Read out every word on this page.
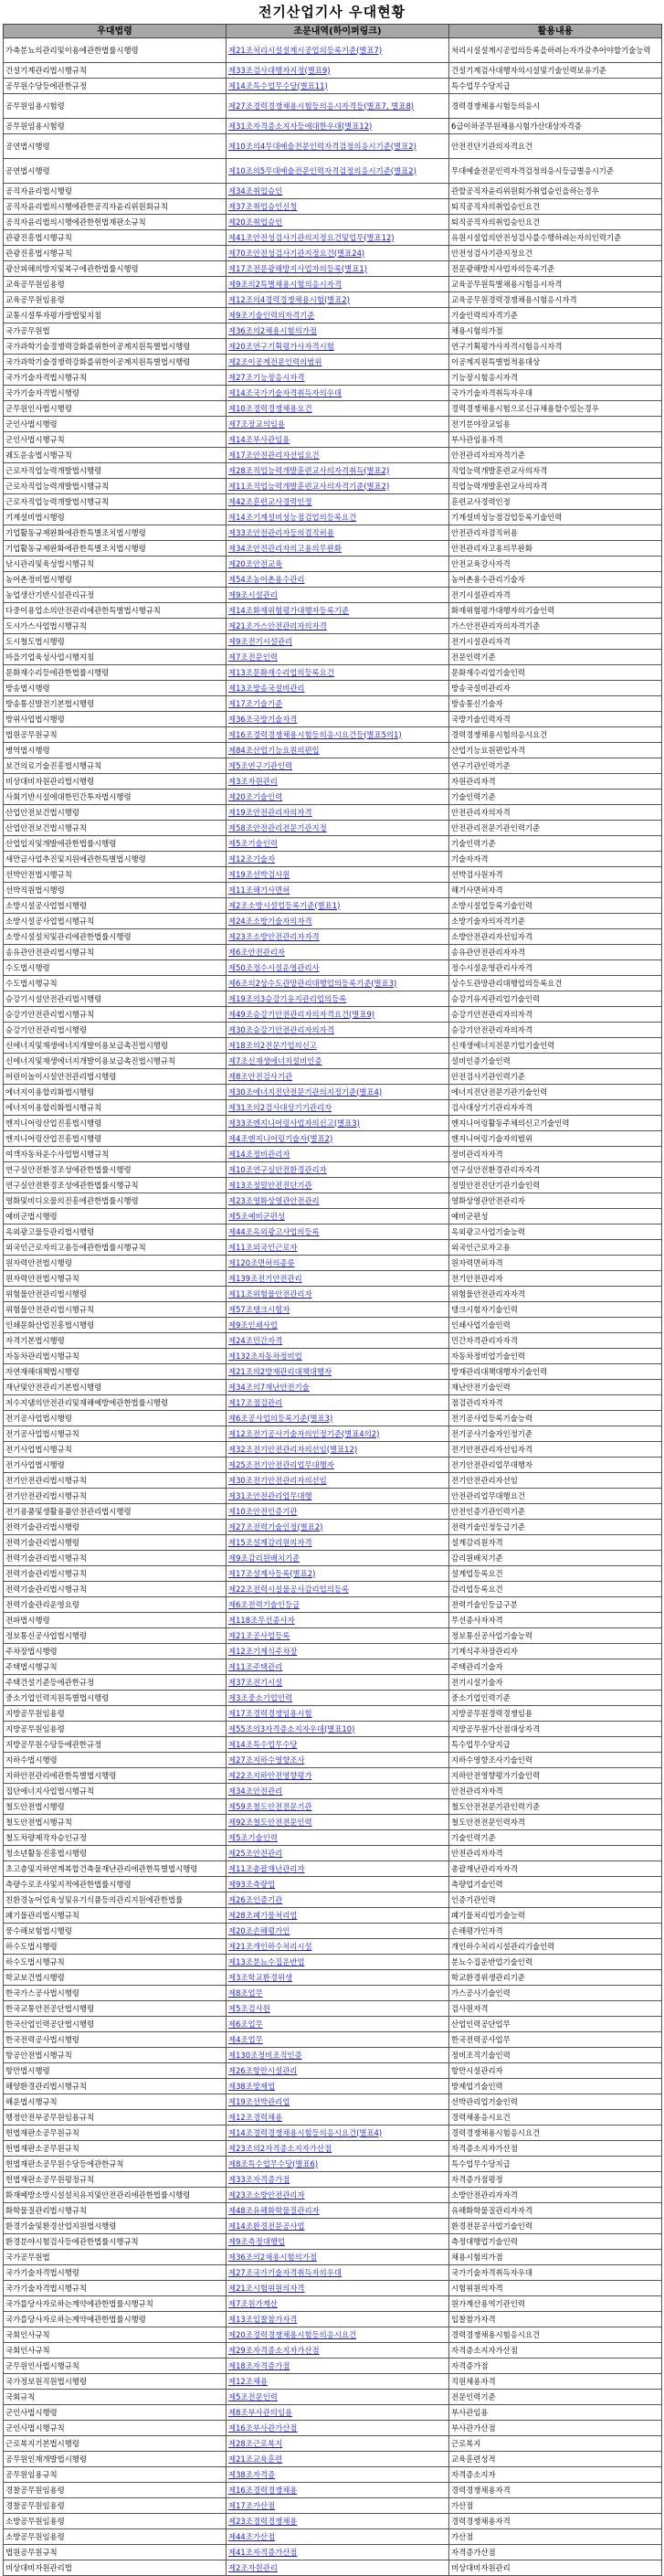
전기산업기사 우대현황
우대법령	조문내역(하이퍼링크)	활용내용
가축분뇨의관리및이용에관한법률시행령	제21조처리시설설계시공업의등록기준(별표7)	처리시설설계시공업의등록을하려는자가갖추어야할기술능력
건설기계관리법시행규칙	제33조검사대행자지정(별표9)	건설기계검사대행자의시설및기술인력보유기준
공무원수당등에관한규정	제14조특수업무수당(별표11)	특수업무수당지급
공무원임용시험령	제27조경력경쟁채용시험등의응시자격등(별표7, 별표8)	경력경쟁채용시험등의응시
공무원임용시험령	제31조자격증소지자등에대한우대(별표12)	6급이하공무원채용시험가산대상자격증
공연법시행령	제10조의4무대예술전문인력자격검정의응시기준(별표2)	안전진단기관의자격요건
공연법시행령	제10조의5무대예술전문인력자격검정의응시기준(별표2)	무대예술전문인력자격검정의응시등급별응시기준
공직자윤리법시행령	제34조취업승인	관할공직자윤리위원회가취업승인을하는경우
공직자윤리법의시행에관한공직자윤리위원회규칙	제37조취업승인신청	퇴직공직자의취업승인요건
공직자윤리법의시행에관한헌법재판소규칙	제20조취업승인	퇴직공직자의취업승인요건
관광진흥법시행규칙	제41조안전성검사기관의지정요건및업무(별표12)	유원시설업의안전성검사를수행하려는자의인력기준
관광진흥법시행규칙	제70조안전성검사기관지정요건(별표24)	안전성검사기관지정요건
광산피해의방지및복구에관한법률시행령	제17조전문광해방지사업자의등록(별표1)	전문광해방지사업자의등록기준
교육공무원임용령	제9조의2특별채용시험의응시자격	교육공무원특별채용시험응시자격
교육공무원임용령	제12조의4경력경쟁채용시험(별표2)	교육공무원경력경쟁채용시험응시자격
교통시설투자평가방법및지침	제9조기술인력의자격기준	기술인력의자격기준
국가공무원법	제36조의2채용시험의가점	채용시험의가점
국가과학기술경쟁력강화를위한이공계지원특별법시행령	제20조연구기획평가사자격시험	연구기획평가사자격시험응시자격
국가과학기술경쟁력강화를위한이공계지원특별법시행령	제2조이공계전문인력의범위	이공계지원특별법적용대상
국가기술자격법시행규칙	제27조기능장응시자격	기능장시험응시자격
국가기술자격법시행령	제14조국가기술자격취득자의우대	국가기술자격취득자우대
군무원인사법시행령	제10조경력경쟁채용요건	경력경쟁채용시험으로신규채용할수있는경우
군인사법시행령	제7조장교의임용	전기분야장교임용
군인사법시행규칙	제14조부사관임용	부사관임용자격
궤도운송법시행규칙	제17조안전관리자선임요건	안전관리자의자격기준
근로자직업능력개발법시행령	제28조직업능력개발훈련교사의자격취득(별표2)	직업능력개발훈련교사의자격
근로자직업능력개발법시행규칙	제11조직업능력개발훈련교사의자격기준(별표2)	직업능력개발훈련교사의자격
근로자직업능력개발법시행규칙	제42조훈련교사경력인정	훈련교사경력인정
기계설비법시행령	제14조기계설비성능점검업의등록요건	기계설비성능점검업등록기술인력
기업활동규제완화에관한특별조치법시행령	제33조안전관리자등의겸직허용	안전관리자겸직허용
기업활동규제완화에관한특별조치법시행령	제34조안전관리자의고용의무완화	안전관리자고용의무완화
낚시관리및육성법시행규칙	제20조안전교육	안전교육강사자격
농어촌정비법시행령	제54조농어촌용수관리	농어촌용수관리기술자
농업생산기반시설관리규정	제9조시설관리	전기시설관리자격
다중이용업소의안전관리에관한특별법시행규칙	제14조화재위험평가대행자등록기준	화재위험평가대행자의기술인력
도시가스사업법시행규칙	제21조가스안전관리자의자격	가스안전관리자의자격기준
도시철도법시행령	제9조전기시설관리	전기시설관리자격
마을기업육성사업시행지침	제7조전문인력	전문인력기준
문화재수리등에관한법률시행령	제13조문화재수리업의등록요건	문화재수리업기술인력
방송법시행령	제13조방송국설비관리	방송국설비관리자
방송통신발전기본법시행령	제17조기술기준	방송통신기술자
방위사업법시행령	제36조국방기술자격	국방기술인력자격
법원공무원규칙	제16조경력경쟁채용시험등의응시요건등(별표5의1)	경력경쟁채용시험의응시요건
병역법시행령	제84조산업기능요원의편입	산업기능요원편입자격
보건의료기술진흥법시행규칙	제5조연구기관인력	연구기관인력기준
비상대비자원관리법시행령	제3조자원관리	자원관리자격
사회기반시설에대한민간투자법시행령	제20조기술인력	기술인력기준
산업안전보건법시행령	제19조안전관리자의자격	안전관리자의자격
산업안전보건법시행규칙	제58조안전관리전문기관지정	안전관리전문기관인력기준
산업입지및개발에관한법률시행령	제5조기술인력	기술인력기준
새만금사업추진및지원에관한특별법시행령	제12조기술자	기술자자격
선박안전법시행규칙	제19조선박검사원	선박검사원자격
선박직원법시행령	제11조해기사면허	해기사면허자격
소방시설공사업법시행령	제2조소방시설업등록기준(별표1)	소방시설업등록기술인력
소방시설공사업법시행규칙	제24조소방기술자의자격	소방기술자의자격기준
소방시설설치및관리에관한법률시행령	제23조소방안전관리자자격	소방안전관리자선임자격
송유관안전관리법시행규칙	제6조안전관리자	송유관안전관리자자격
수도법시행령	제50조정수시설운영관리사	정수시설운영관리사자격
수도법시행규칙	제6조의2상수도관망관리대행업의등록기준(별표3)	상수도관망관리대행업의등록요건
승강기시설안전관리법시행령	제19조의3승강기유지관리업의등록	승강기유지관리업기술인력
승강기안전관리법시행규칙	제49조승강기안전관리자의자격요건(별표9)	승강기안전관리자의자격
승강기안전관리법시행령	제30조승강기안전관리자의자격	승강기안전관리자의자격
신에너지및재생에너지개발이용보급촉진법시행령	제18조의2전문기업의신고	신재생에너지전문기업기술인력
신에너지및재생에너지개발이용보급촉진법시행규칙	제7조신재생에너지설비인증	설비인증기술인력
어린이놀이시설안전관리법시행령	제8조안전검사기관	안전검사기관인력기준
에너지이용합리화법시행령	제30조에너지진단전문기관의지정기준(별표4)	에너지진단전문기관기술인력
에너지이용합리화법시행규칙	제31조의2검사대상기기관리자	검사대상기기관리자자격
엔지니어링산업진흥법시행령	제33조엔지니어링사업자의신고(별표3)	엔지니어링활동주체의신고기술인력
엔지니어링산업진흥법시행령	제4조엔지니어링기술자(별표2)	엔지니어링기술자의범위
여객자동차운수사업법시행규칙	제14조정비관리자	정비관리자자격
연구실안전환경조성에관한법률시행령	제10조연구실안전환경관리자	연구실안전환경관리자자격
연구실안전환경조성에관한법률시행규칙	제13조정밀안전진단기관	정밀안전진단기관기술인력
영화및비디오물의진흥에관한법률시행령	제23조영화상영관안전관리	영화상영관안전관리자
예비군법시행령	제5조예비군편성	예비군편성
옥외광고물등관리법시행령	제44조옥외광고사업의등록	옥외광고사업기술능력
외국인근로자의고용등에관한법률시행규칙	제11조외국인근로자	외국인근로자고용
원자력안전법시행령	제120조면허의종류	원자력면허자격
원자력안전법시행규칙	제139조전기안전관리	전기안전관리자
위험물안전관리법시행령	제11조위험물안전관리자	위험물안전관리자자격
위험물안전관리법시행규칙	제57조탱크시험자	탱크시험자기술인력
인쇄문화산업진흥법시행령	제9조인쇄사업	인쇄사업기술인력
자격기본법시행령	제24조민간자격	민간자격관리자자격
자동차관리법시행규칙	제132조자동차정비업	자동차정비업기술인력
자연재해대책법시행령	제21조의2방재관리대책대행자	방재관리대책대행자기술인력
재난및안전관리기본법시행령	제34조의7재난안전기술	재난안전기술인력
저수지댐의안전관리및재해예방에관한법률시행령	제17조점검관리	점검관리자자격
전기공사업법시행령	제6조공사업의등록기준(별표3)	전기공사업등록기술능력
전기공사업법시행규칙	제12조전기공사기술자의인정기준(별표4의2)	전기공사기술자인정기준
전기사업법시행규칙	제32조전기안전관리자의선임(별표12)	전기안전관리자선임자격
전기사업법시행령	제25조전기안전관리업무대행자	전기안전관리업무대행자
전기안전관리법시행규칙	제30조전기안전관리자의선임	전기안전관리자선임
전기안전관리법시행규칙	제31조안전관리업무대행	안전관리업무대행요건
전기용품및생활용품안전관리법시행령	제10조안전인증기관	안전인증기관인력기준
전력기술관리법시행령	제27조전력기술인정(별표2)	전력기술인정등급기준
전력기술관리법시행령	제15조설계감리원의자격	설계감리원자격
전력기술관리법시행규칙	제9조감리원배치기준	감리원배치기준
전력기술관리법시행규칙	제17조설계사등록(별표2)	설계업등록요건
전력기술관리법시행규칙	제22조전력시설물공사감리업의등록	감리업등록요건
전력기술관리운영요령	제6조전력기술인등급	전력기술인등급구분
전파법시행령	제118조무선종사자	무선종사자자격
정보통신공사업법시행령	제21조공사업등록	정보통신공사업기술능력
주차장법시행령	제12조기계식주차장	기계식주차장관리자
주택법시행규칙	제11조주택관리	주택관리기술자
주택건설기준등에관한규정	제37조전기시설	전기시설기술자
중소기업인력지원특별법시행령	제3조중소기업인력	중소기업인력기준
지방공무원임용령	제17조경력경쟁임용시험	지방공무원경력경쟁임용
지방공무원임용령	제55조의3자격증소지자우대(별표10)	지방공무원가산점대상자격
지방공무원수당등에관한규정	제14조특수업무수당	특수업무수당지급
지하수법시행령	제27조지하수영향조사	지하수영향조사기술인력
지하안전관리에관한특별법시행령	제22조지하안전영향평가	지하안전영향평가기술인력
집단에너지사업법시행규칙	제34조안전관리	안전관리자자격
철도안전법시행령	제59조철도안전전문기관	철도안전전문기관인력기준
철도안전법시행규칙	제92조철도안전전문인력	철도안전전문인력자격
철도차량제작자승인규정	제5조기술인력	기술인력기준
청소년활동진흥법시행령	제25조안전관리	안전관리자자격
초고층및지하연계복합건축물재난관리에관한특별법시행령	제11조총괄재난관리자	총괄재난관리자자격
측량수로조사및지적에관한법률시행령	제93조측량업	측량업기술인력
친환경농어업육성및유기식품등의관리지원에관한법률	제26조인증기관	인증기관인력
폐기물관리법시행규칙	제28조폐기물처리업	폐기물처리업기술능력
풍수해보험법시행령	제20조손해평가인	손해평가인자격
하수도법시행령	제21조개인하수처리시설	개인하수처리시설관리기술인력
하수도법시행규칙	제13조분뇨수집운반업	분뇨수집운반업기술인력
학교보건법시행령	제3조학교환경위생	학교환경위생관리기준
한국가스공사법시행령	제8조업무	가스공사기술인력
한국교통안전공단법시행령	제5조검사원	검사원자격
한국산업인력공단법시행령	제6조업무	산업인력공단업무
한국전력공사법시행령	제4조업무	한국전력공사업무
항공안전법시행규칙	제130조정비조직인증	정비조직기술인력
항만법시행령	제26조항만시설관리	항만시설관리자
해양환경관리법시행규칙	제38조방제업	방제업기술인력
해운법시행규칙	제19조선박관리업	선박관리업기술인력
행정안전부공무원임용규칙	제12조경력채용	경력채용응시요건
헌법재판소공무원규칙	제14조경력경쟁채용시험등의응시요건(별표4)	경력경쟁채용시험응시요건
헌법재판소공무원규칙	제23조의2자격증소지자가산점	자격증소지자가산점
헌법재판소공무원수당등에관한규칙	제8조특수업무수당(별표6)	특수업무수당지급
헌법재판소공무원평정규칙	제33조자격증가점	자격증가점평정
화재예방소방시설설치유지및안전관리에관한법률시행령	제23조소방안전관리자	소방안전관리자자격
화학물질관리법시행규칙	제48조유해화학물질관리자	유해화학물질관리자자격
환경기술및환경산업지원법시행령	제14조환경전문공사업	환경전문공사업기술인력
환경분야시험검사등에관한법률시행규칙	제9조측정대행업	측정대행업기술인력
국가공무원법	제36조의2채용시험의가점	채용시험의가점
국가기술자격법시행령	제27조국가기술자격취득자의우대	국가기술자격취득자우대
국가기술자격법시행규칙	제21조시험위원의자격	시험위원의자격
국가를당사자로하는계약에관한법률시행규칙	제7조원가계산	원가계산용역기관인력
국가를당사자로하는계약에관한법률시행령	제13조입찰참가자격	입찰참가자격
국회인사규칙	제20조경력경쟁채용시험등의응시요건	경력경쟁채용시험응시요건
국회인사규칙	제29조자격증소지자가산점	자격증소지자가산점
군무원인사법시행규칙	제18조자격증가점	자격증가점
국가정보원직원법시행령	제12조채용	직원채용자격
국회규칙	제5조전문인력	전문인력기준
군인사법시행령	제8조부사관의임용	부사관임용
군인사법시행규칙	제16조부사관가산점	부사관가산점
근로복지기본법시행령	제28조근로복지	근로복지
공무원인재개발법시행령	제21조교육훈련	교육훈련성적
공무원임용규칙	제38조자격증	자격증소지자
경찰공무원임용령	제16조경력경쟁채용	경력경쟁채용자격
경찰공무원임용령	제17조가산점	가산점
소방공무원임용령	제23조경력경쟁채용	경력경쟁채용자격
소방공무원임용령	제44조가산점	가산점
법원공무원규칙	제41조자격증가산점	자격증가산점
비상대비자원관리법	제2조자원관리	비상대비자원관리
